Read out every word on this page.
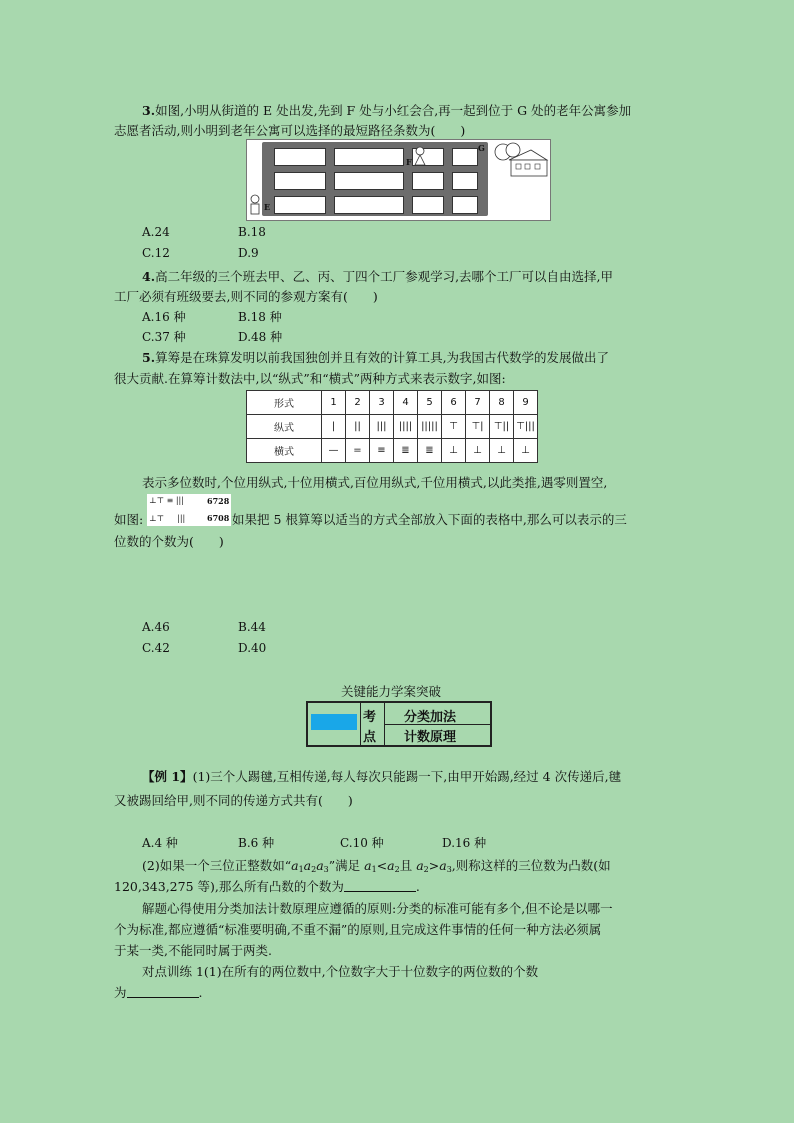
3.如图,小明从街道的 E 处出发,先到 F 处与小红会合,再一起到位于 G 处的老年公寓参加
志愿者活动,则小明到老年公寓可以选择的最短路径条数为(　　)
E
F
G
A.24	B.18
C.12	D.9
4.高二年级的三个班去甲、乙、丙、丁四个工厂参观学习,去哪个工厂可以自由选择,甲
工厂必须有班级要去,则不同的参观方案有(　　)
A.16 种	B.18 种
C.37 种	D.48 种
5.算筹是在珠算发明以前我国独创并且有效的计算工具,为我国古代数学的发展做出了
很大贡献.在算筹计数法中,以“纵式”和“横式”两种方式来表示数字,如图:
形式	1	2	3	4	5	6	7	8	9
纵式	|	||	|||	||||	|||||	⊤	⊤|	⊤||	⊤|||
横式	—	=	≡	≣	≣	⊥	⊥	⊥	⊥
表示多位数时,个位用纵式,十位用横式,百位用纵式,千位用横式,以此类推,遇零则置空,
如图:
⊥⊤ ≡ |||	6728
⊥⊤ 　 |||	6708 如果把 5 根算筹以适当的方式全部放入下面的表格中,那么可以表示的三
位数的个数为(　　)
A.46	B.44
C.42	D.40
关键能力学案突破
考
点
分类加法
计数原理
【例 1】(1)三个人踢毽,互相传递,每人每次只能踢一下,由甲开始踢,经过 4 次传递后,毽
又被踢回给甲,则不同的传递方式共有(　　)
A.4 种	B.6 种	C.10 种	D.16 种
(2)如果一个三位正整数如“$a_1a_2a_3$”满足 $a_1<a_2$且 $a_2>a_3$,则称这样的三位数为凸数(如
120,343,275 等),那么所有凸数的个数为	.
解题心得使用分类加法计数原理应遵循的原则:分类的标准可能有多个,但不论是以哪一
个为标准,都应遵循“标准要明确,不重不漏”的原则,且完成这件事情的任何一种方法必须属
于某一类,不能同时属于两类.
对点训练 1(1)在所有的两位数中,个位数字大于十位数字的两位数的个数
为	.
